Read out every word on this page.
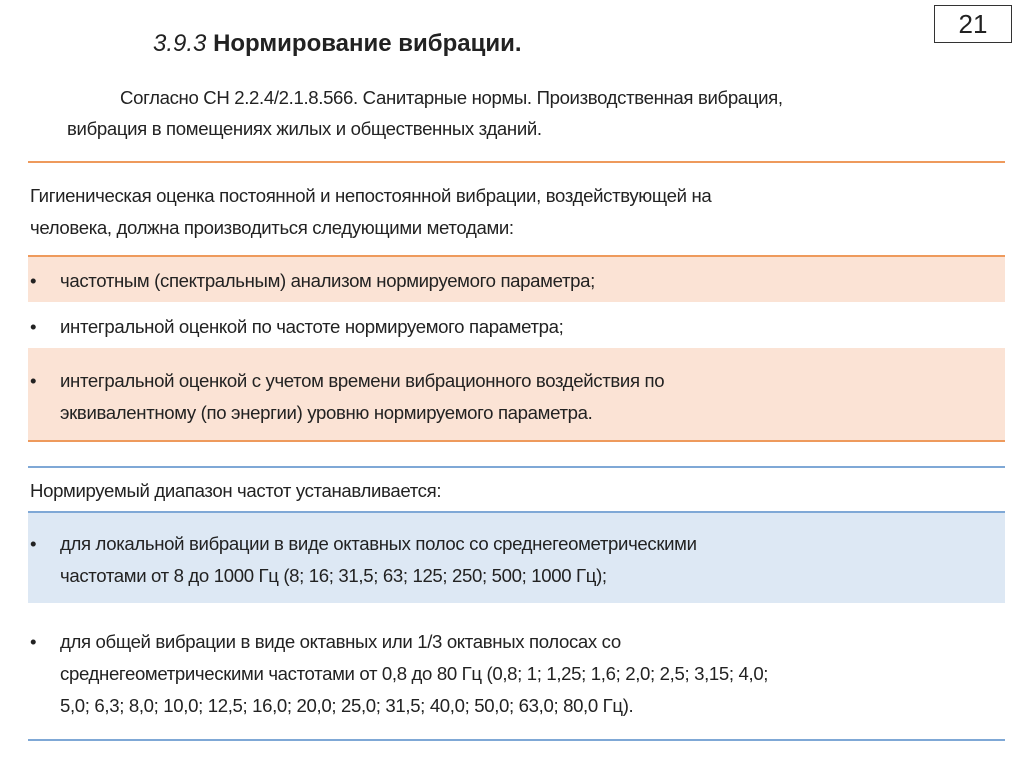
21
3.9.3 Нормирование вибрации.
Согласно СН 2.2.4/2.1.8.566. Санитарные нормы. Производственная вибрация,
вибрация в помещениях жилых и общественных зданий.
Гигиеническая оценка постоянной и непостоянной вибрации, воздействующей на
человека, должна производиться следующими методами:
• частотным (спектральным) анализом нормируемого параметра;
• интегральной оценкой по частоте нормируемого параметра;
• интегральной оценкой с учетом времени вибрационного воздействия по
эквивалентному (по энергии) уровню нормируемого параметра.
Нормируемый диапазон частот устанавливается:
• для локальной вибрации в виде октавных полос со среднегеометрическими
частотами от 8 до 1000 Гц (8; 16; 31,5; 63; 125; 250; 500; 1000 Гц);
• для общей вибрации в виде октавных или 1/3 октавных полосах со
среднегеометрическими частотами от 0,8 до 80 Гц (0,8; 1; 1,25; 1,6; 2,0; 2,5; 3,15; 4,0;
5,0; 6,3; 8,0; 10,0; 12,5; 16,0; 20,0; 25,0; 31,5; 40,0; 50,0; 63,0; 80,0 Гц).
